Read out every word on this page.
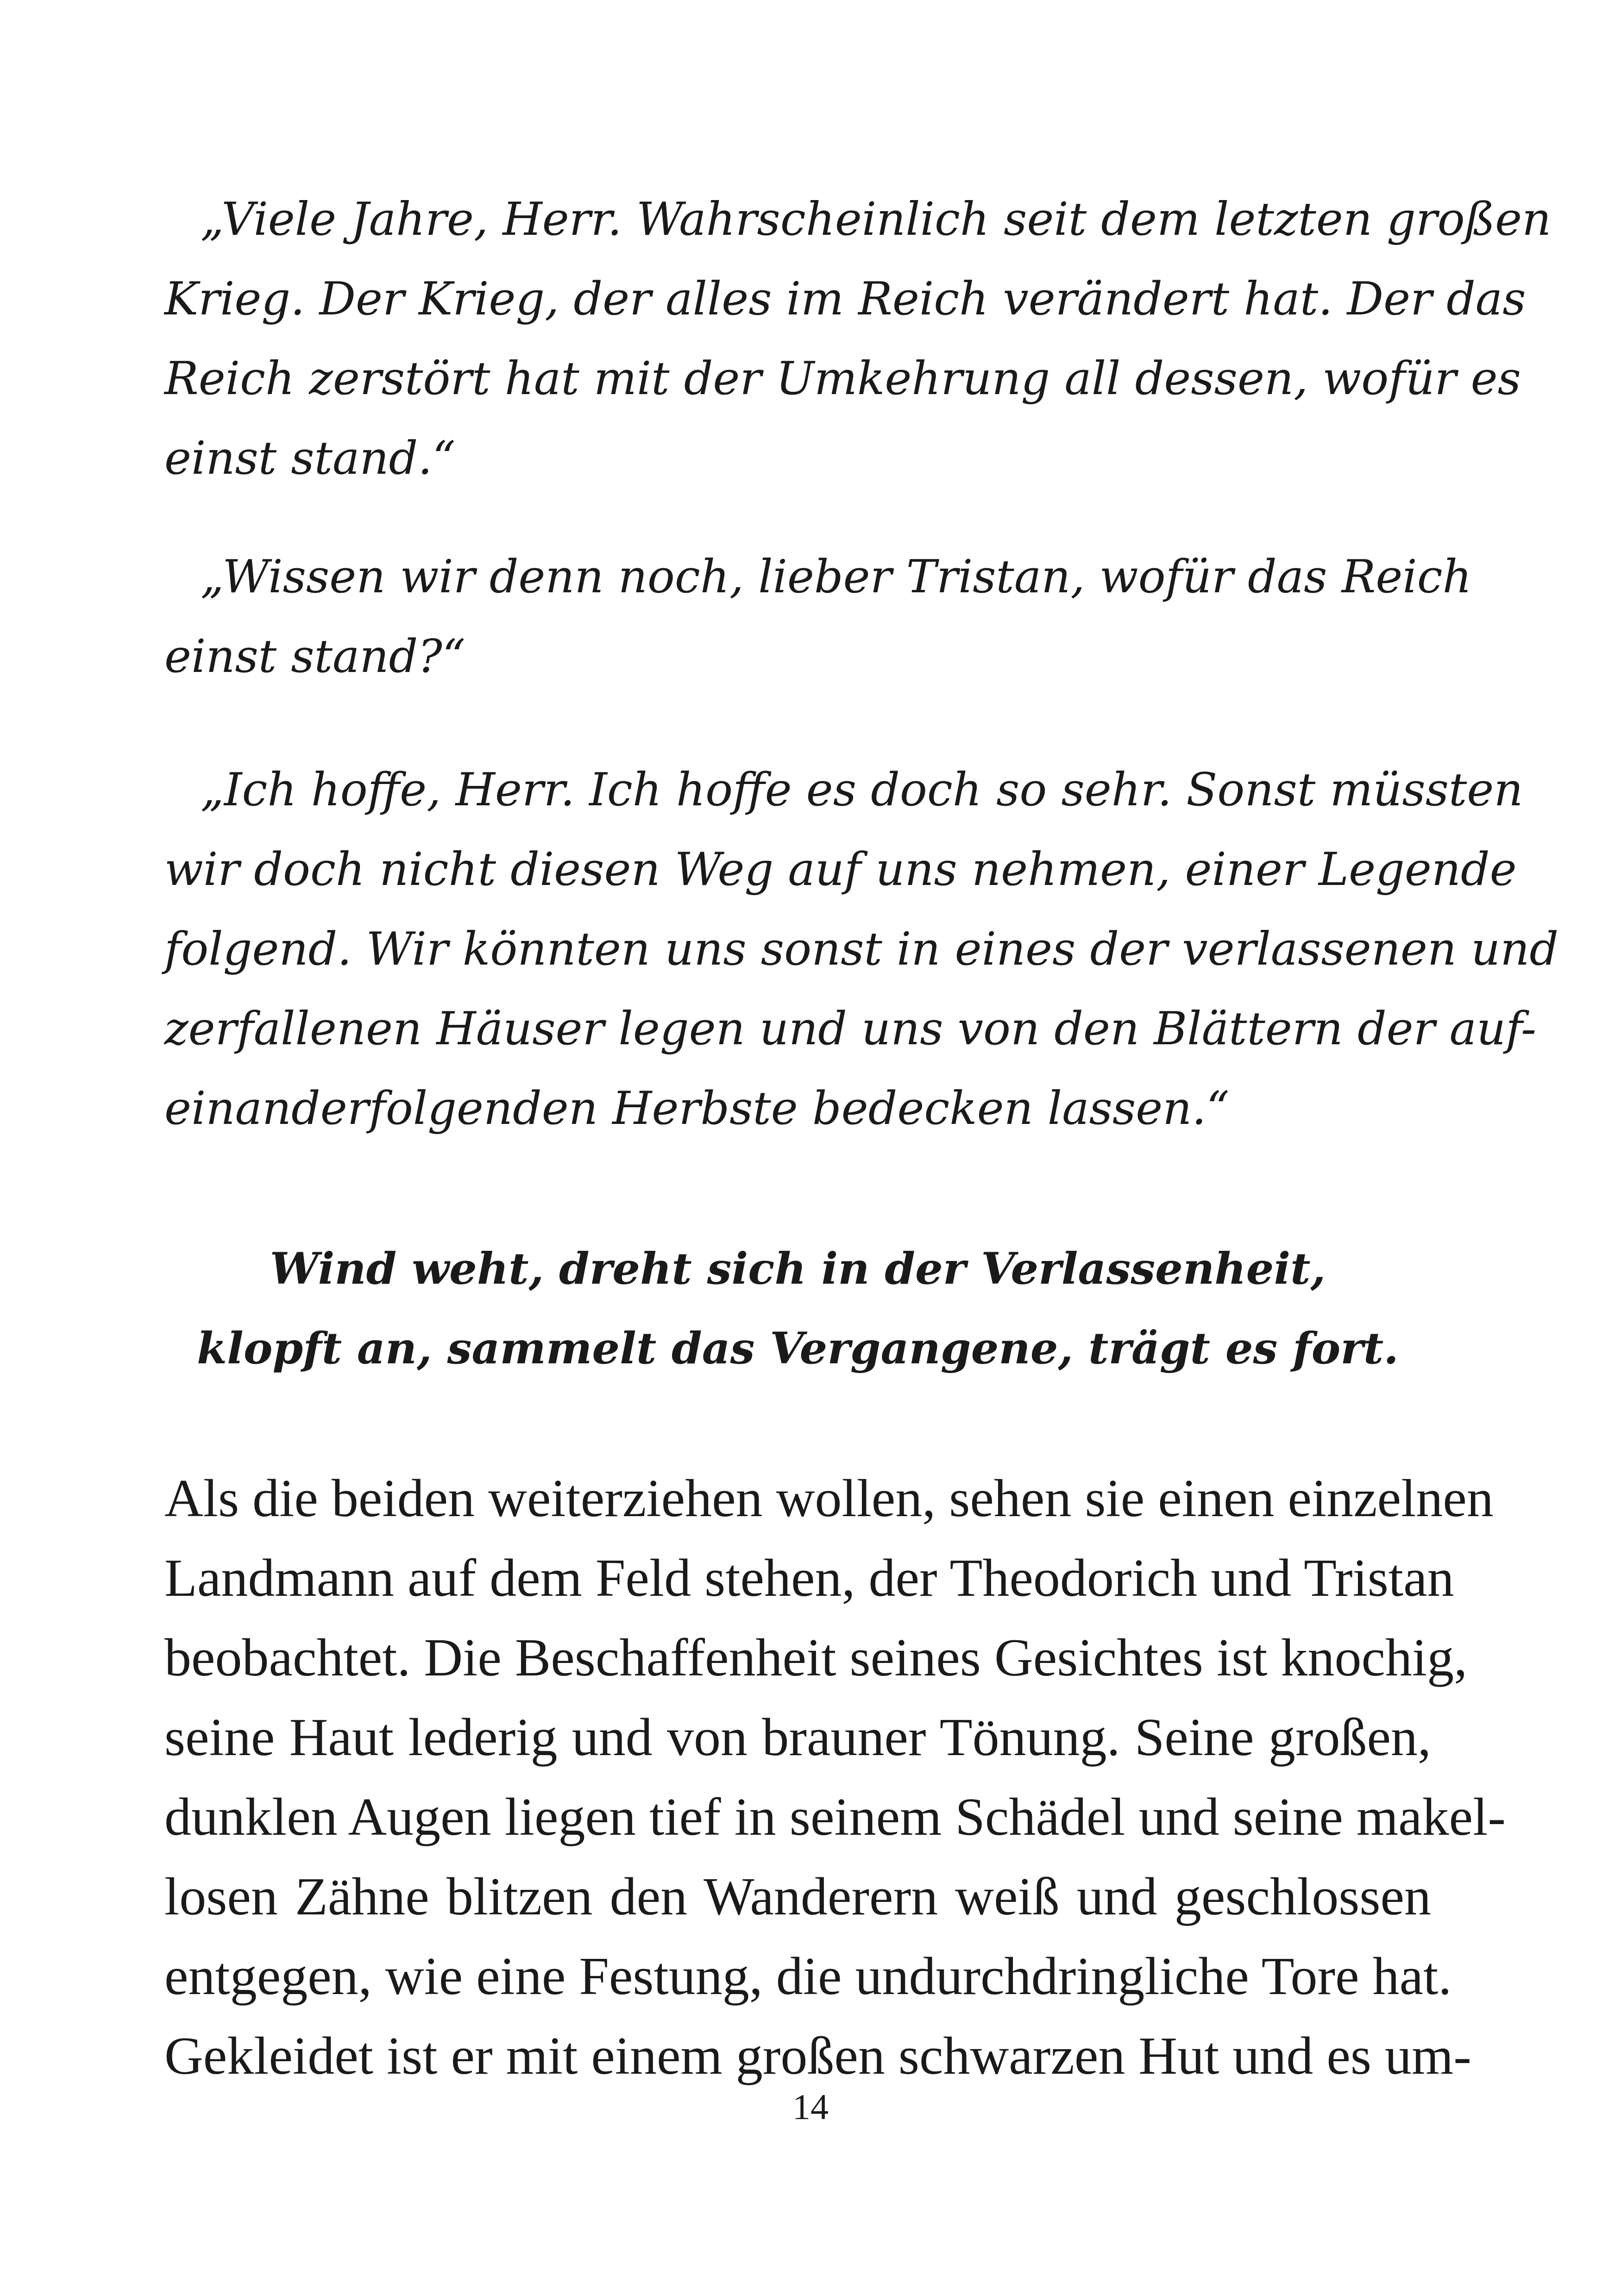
„Viele Jahre, Herr. Wahrscheinlich seit dem letzten großen
Krieg. Der Krieg, der alles im Reich verändert hat. Der das
Reich zerstört hat mit der Umkehrung all dessen, wofür es
einst stand.“
„Wissen wir denn noch, lieber Tristan, wofür das Reich
einst stand?“
„Ich hoffe, Herr. Ich hoffe es doch so sehr. Sonst müssten
wir doch nicht diesen Weg auf uns nehmen, einer Legende
folgend. Wir könnten uns sonst in eines der verlassenen und
zerfallenen Häuser legen und uns von den Blättern der auf-
einanderfolgenden Herbste bedecken lassen.“
Wind weht, dreht sich in der Verlassenheit,
klopft an, sammelt das Vergangene, trägt es fort.
Als die beiden weiterziehen wollen, sehen sie einen einzelnen
Landmann auf dem Feld stehen, der Theodorich und Tristan
beobachtet. Die Beschaffenheit seines Gesichtes ist knochig,
seine Haut lederig und von brauner Tönung. Seine großen,
dunklen Augen liegen tief in seinem Schädel und seine makel-
losen Zähne blitzen den Wanderern weiß und geschlossen
entgegen, wie eine Festung, die undurchdringliche Tore hat.
Gekleidet ist er mit einem großen schwarzen Hut und es um-
14
